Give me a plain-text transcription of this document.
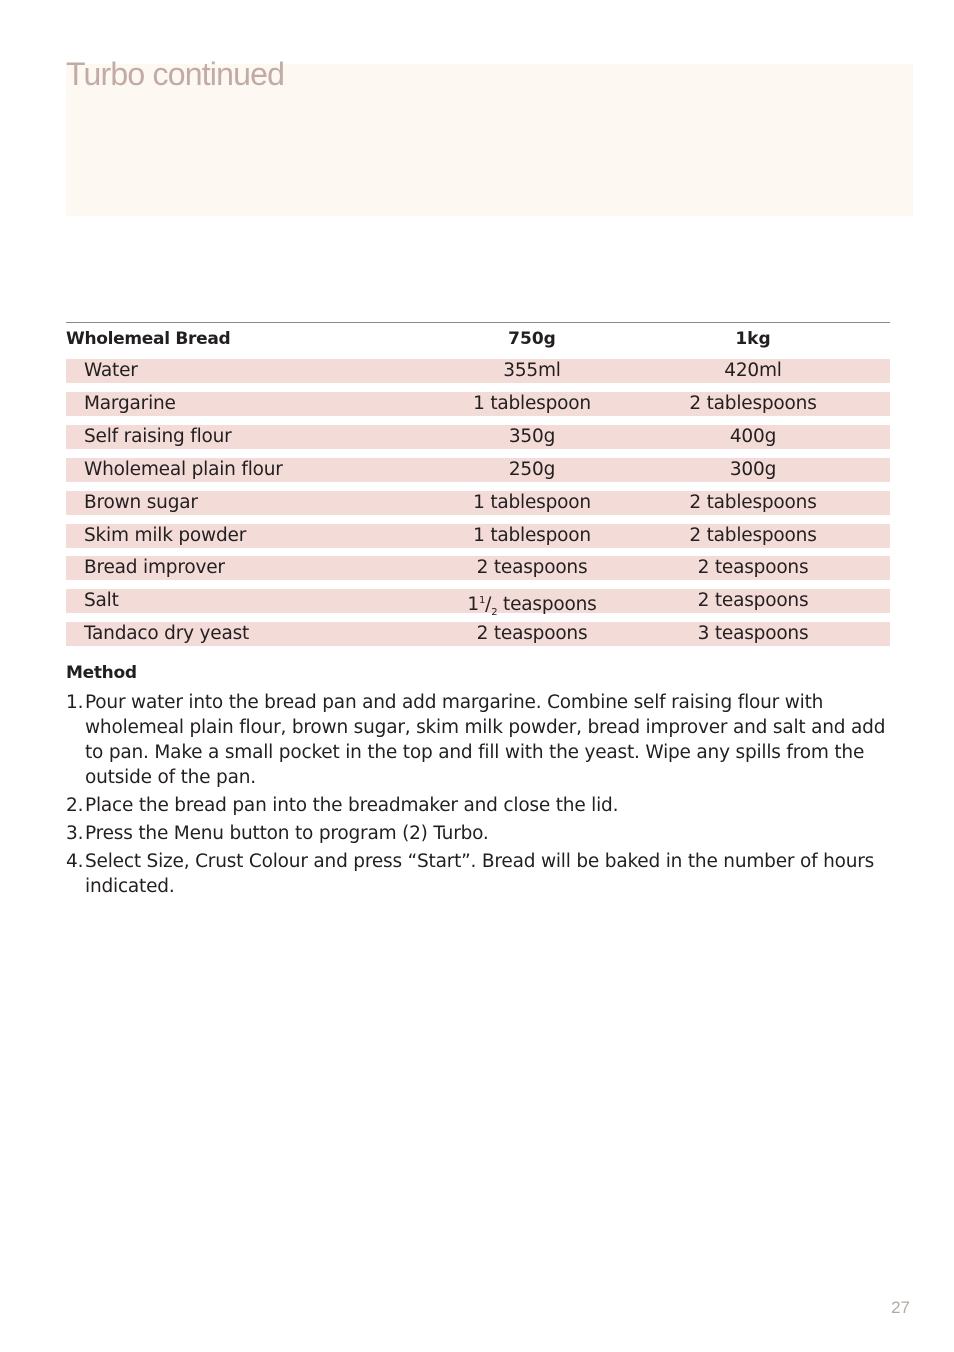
Turbo continued
Wholemeal Bread	750g	1kg
Water	355ml	420ml
Margarine	1 tablespoon	2 tablespoons
Self raising flour	350g	400g
Wholemeal plain flour	250g	300g
Brown sugar	1 tablespoon	2 tablespoons
Skim milk powder	1 tablespoon	2 tablespoons
Bread improver	2 teaspoons	2 teaspoons
Salt	$1^1/_2$ teaspoons	2 teaspoons
Tandaco dry yeast	2 teaspoons	3 teaspoons
Method
1. Pour water into the bread pan and add margarine. Combine self raising flour with wholemeal plain flour, brown sugar, skim milk powder, bread improver and salt and add to pan. Make a small pocket in the top and fill with the yeast. Wipe any spills from the outside of the pan.
2. Place the bread pan into the breadmaker and close the lid.
3. Press the Menu button to program (2) Turbo.
4. Select Size, Crust Colour and press “Start”. Bread will be baked in the number of hours indicated.
27
